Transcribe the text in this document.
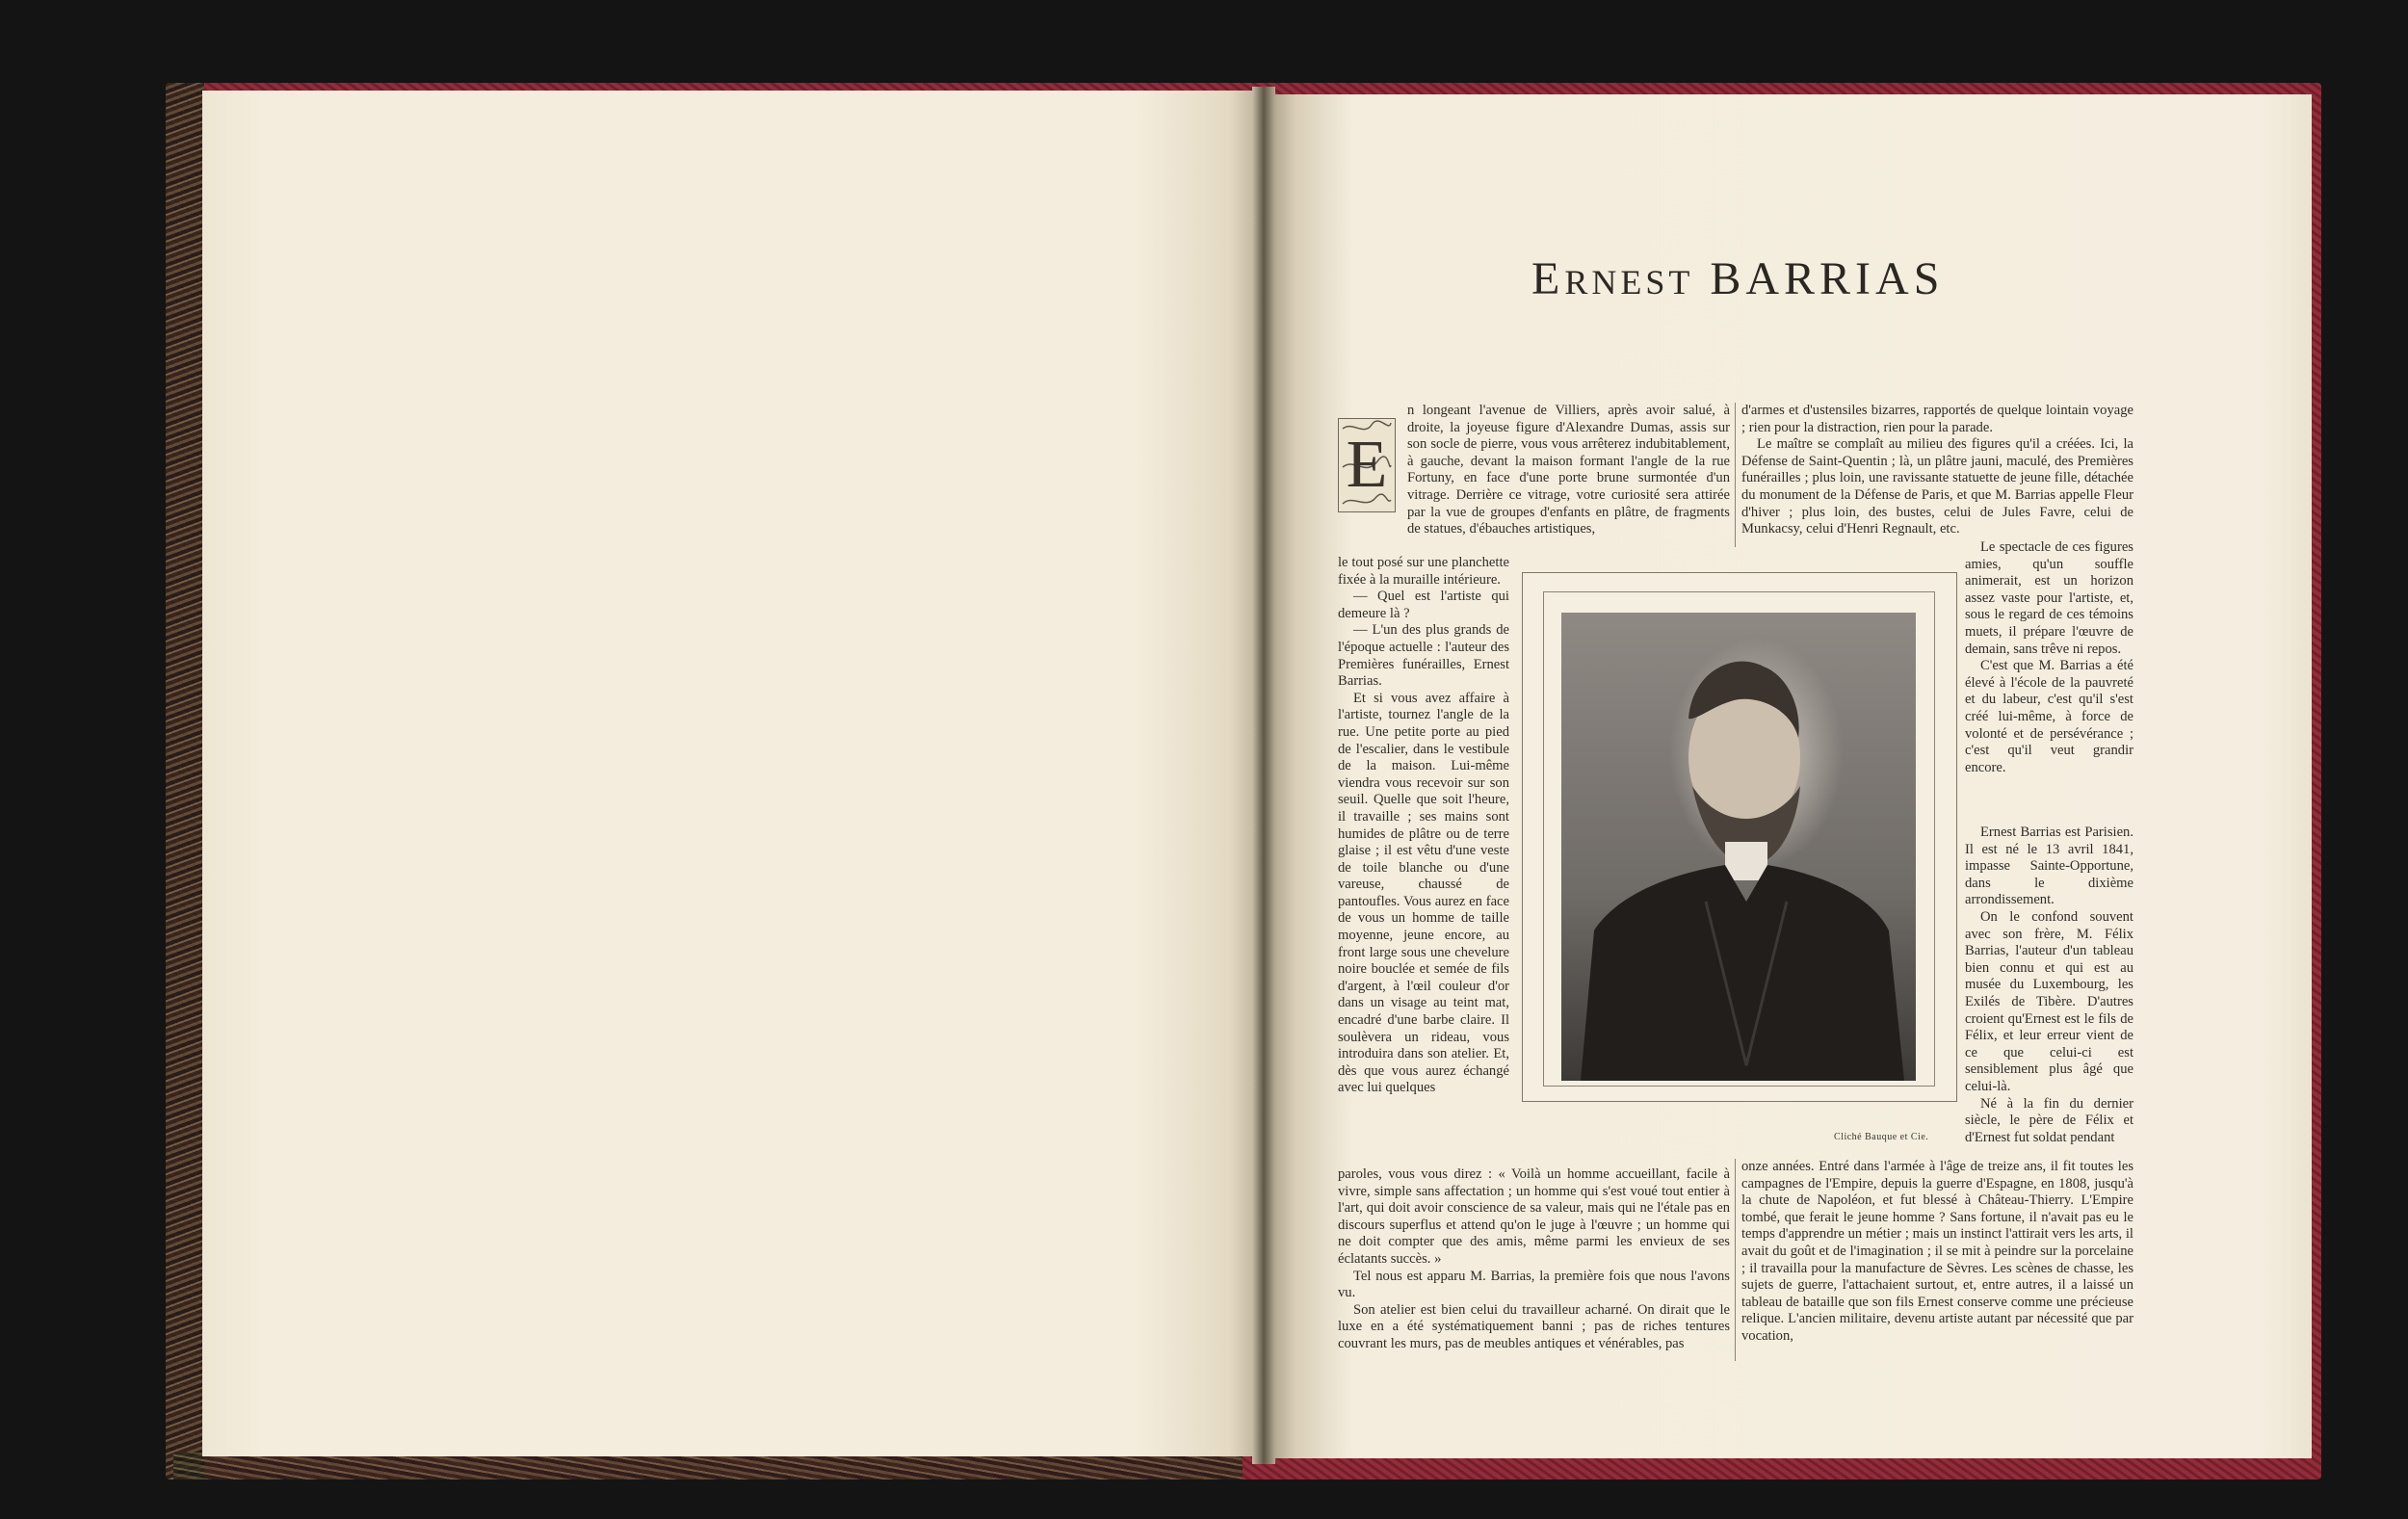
ERNEST BARRIAS
E

n longeant l'avenue de Villiers, après avoir salué, à droite, la joyeuse figure d'Alexandre Dumas, assis sur son socle de pierre, vous vous arrêterez indubitablement, à gauche, devant la maison formant l'angle de la rue Fortuny, en face d'une porte brune surmontée d'un vitrage. Derrière ce vitrage, votre curiosité sera attirée par la vue de groupes d'enfants en plâtre, de fragments de statues, d'ébauches artistiques,

le tout posé sur une planchette fixée à la muraille intérieure.

— Quel est l'artiste qui demeure là ?

— L'un des plus grands de l'époque actuelle : l'auteur des Premières funérailles, Ernest Barrias.

Et si vous avez affaire à l'artiste, tournez l'angle de la rue. Une petite porte au pied de l'escalier, dans le vestibule de la maison. Lui-même viendra vous recevoir sur son seuil. Quelle que soit l'heure, il travaille ; ses mains sont humides de plâtre ou de terre glaise ; il est vêtu d'une veste de toile blanche ou d'une vareuse, chaussé de pantoufles. Vous aurez en face de vous un homme de taille moyenne, jeune encore, au front large sous une chevelure noire bouclée et semée de fils d'argent, à l'œil couleur d'or dans un visage au teint mat, encadré d'une barbe claire. Il soulèvera un rideau, vous introduira dans son atelier. Et, dès que vous aurez échangé avec lui quelques

paroles, vous vous direz : « Voilà un homme accueillant, facile à vivre, simple sans affectation ; un homme qui s'est voué tout entier à l'art, qui doit avoir conscience de sa valeur, mais qui ne l'étale pas en discours superflus et attend qu'on le juge à l'œuvre ; un homme qui ne doit compter que des amis, même parmi les envieux de ses éclatants succès. »

Tel nous est apparu M. Barrias, la première fois que nous l'avons vu.

Son atelier est bien celui du travailleur acharné. On dirait que le luxe en a été systématiquement banni ; pas de riches tentures couvrant les murs, pas de meubles antiques et vénérables, pas

d'armes et d'ustensiles bizarres, rapportés de quelque lointain voyage ; rien pour la distraction, rien pour la parade.

Le maître se complaît au milieu des figures qu'il a créées. Ici, la Défense de Saint-Quentin ; là, un plâtre jauni, maculé, des Premières funérailles ; plus loin, une ravissante statuette de jeune fille, détachée du monument de la Défense de Paris, et que M. Barrias appelle Fleur d'hiver ; plus loin, des bustes, celui de Jules Favre, celui de Munkacsy, celui d'Henri Regnault, etc.

Le spectacle de ces figures amies, qu'un souffle animerait, est un horizon assez vaste pour l'artiste, et, sous le regard de ces témoins muets, il prépare l'œuvre de demain, sans trêve ni repos.

C'est que M. Barrias a été élevé à l'école de la pauvreté et du labeur, c'est qu'il s'est créé lui-même, à force de volonté et de persévérance ; c'est qu'il veut grandir encore.

Ernest Barrias est Parisien. Il est né le 13 avril 1841, impasse Sainte-Opportune, dans le dixième arrondissement.

On le confond souvent avec son frère, M. Félix Barrias, l'auteur d'un tableau bien connu et qui est au musée du Luxembourg, les Exilés de Tibère. D'autres croient qu'Ernest est le fils de Félix, et leur erreur vient de ce que celui-ci est sensiblement plus âgé que celui-là.

Né à la fin du dernier siècle, le père de Félix et d'Ernest fut soldat pendant

onze années. Entré dans l'armée à l'âge de treize ans, il fit toutes les campagnes de l'Empire, depuis la guerre d'Espagne, en 1808, jusqu'à la chute de Napoléon, et fut blessé à Château-Thierry. L'Empire tombé, que ferait le jeune homme ? Sans fortune, il n'avait pas eu le temps d'apprendre un métier ; mais un instinct l'attirait vers les arts, il avait du goût et de l'imagination ; il se mit à peindre sur la porcelaine ; il travailla pour la manufacture de Sèvres. Les scènes de chasse, les sujets de guerre, l'attachaient surtout, et, entre autres, il a laissé un tableau de bataille que son fils Ernest conserve comme une précieuse relique. L'ancien militaire, devenu artiste autant par nécessité que par vocation,

Cliché Bauque et Cie.
